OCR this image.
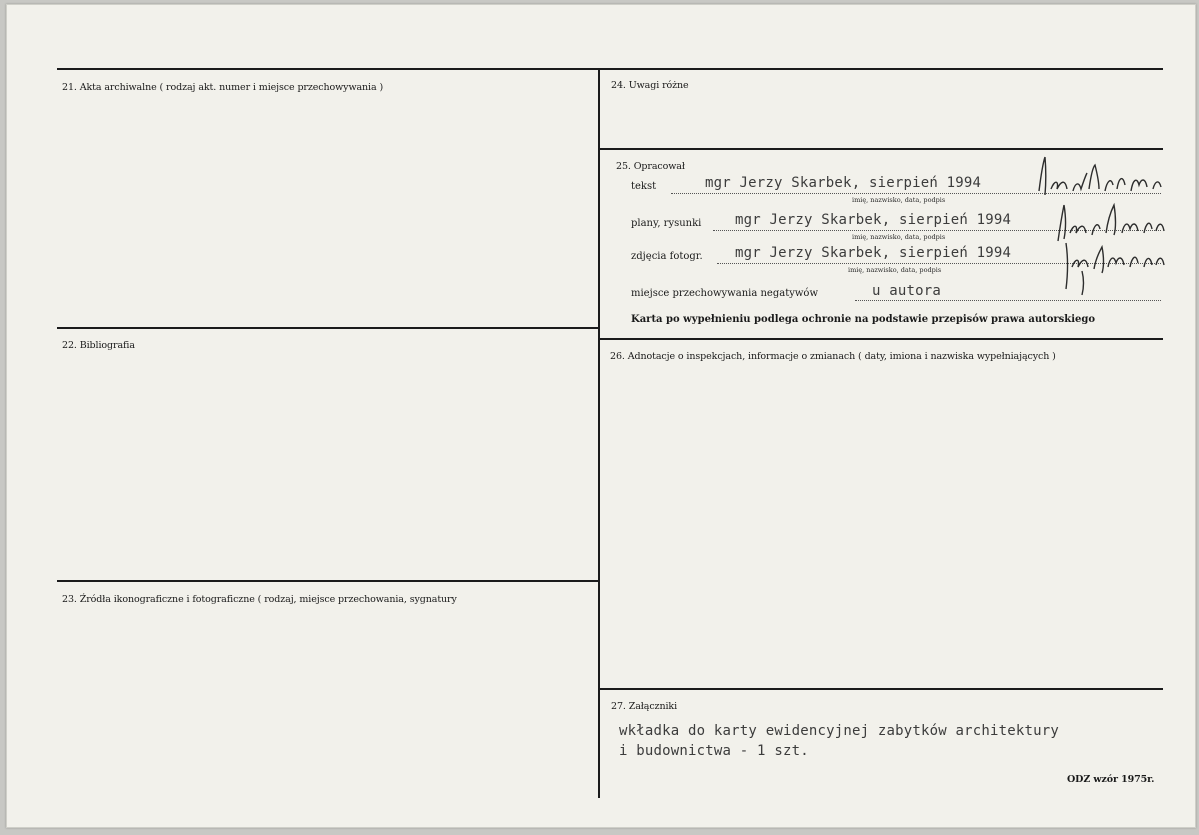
21. Akta archiwalne ( rodzaj akt. numer i miejsce przechowywania )
22. Bibliografia
23. Źródła ikonograficzne i fotograficzne ( rodzaj, miejsce przechowania, sygnatury
24. Uwagi różne
25. Opracował
26. Adnotacje o inspekcjach, informacje o zmianach ( daty, imiona i nazwiska wypełniających )
27. Załączniki
tekst	mgr Jerzy Skarbek, sierpień 1994
imię, nazwisko, data, podpis
plany, rysunki mgr Jerzy Skarbek, sierpień 1994
imię, nazwisko, data, podpis
zdjęcia fotogr. mgr Jerzy Skarbek, sierpień 1994
imię, nazwisko, data, podpis
miejsce przechowywania negatywów	u autora
Karta po wypełnieniu podlega ochronie na podstawie przepisów prawa autorskiego
wkładka do karty ewidencyjnej zabytków architektury
i budownictwa - 1 szt.
ODZ wzór 1975r.
